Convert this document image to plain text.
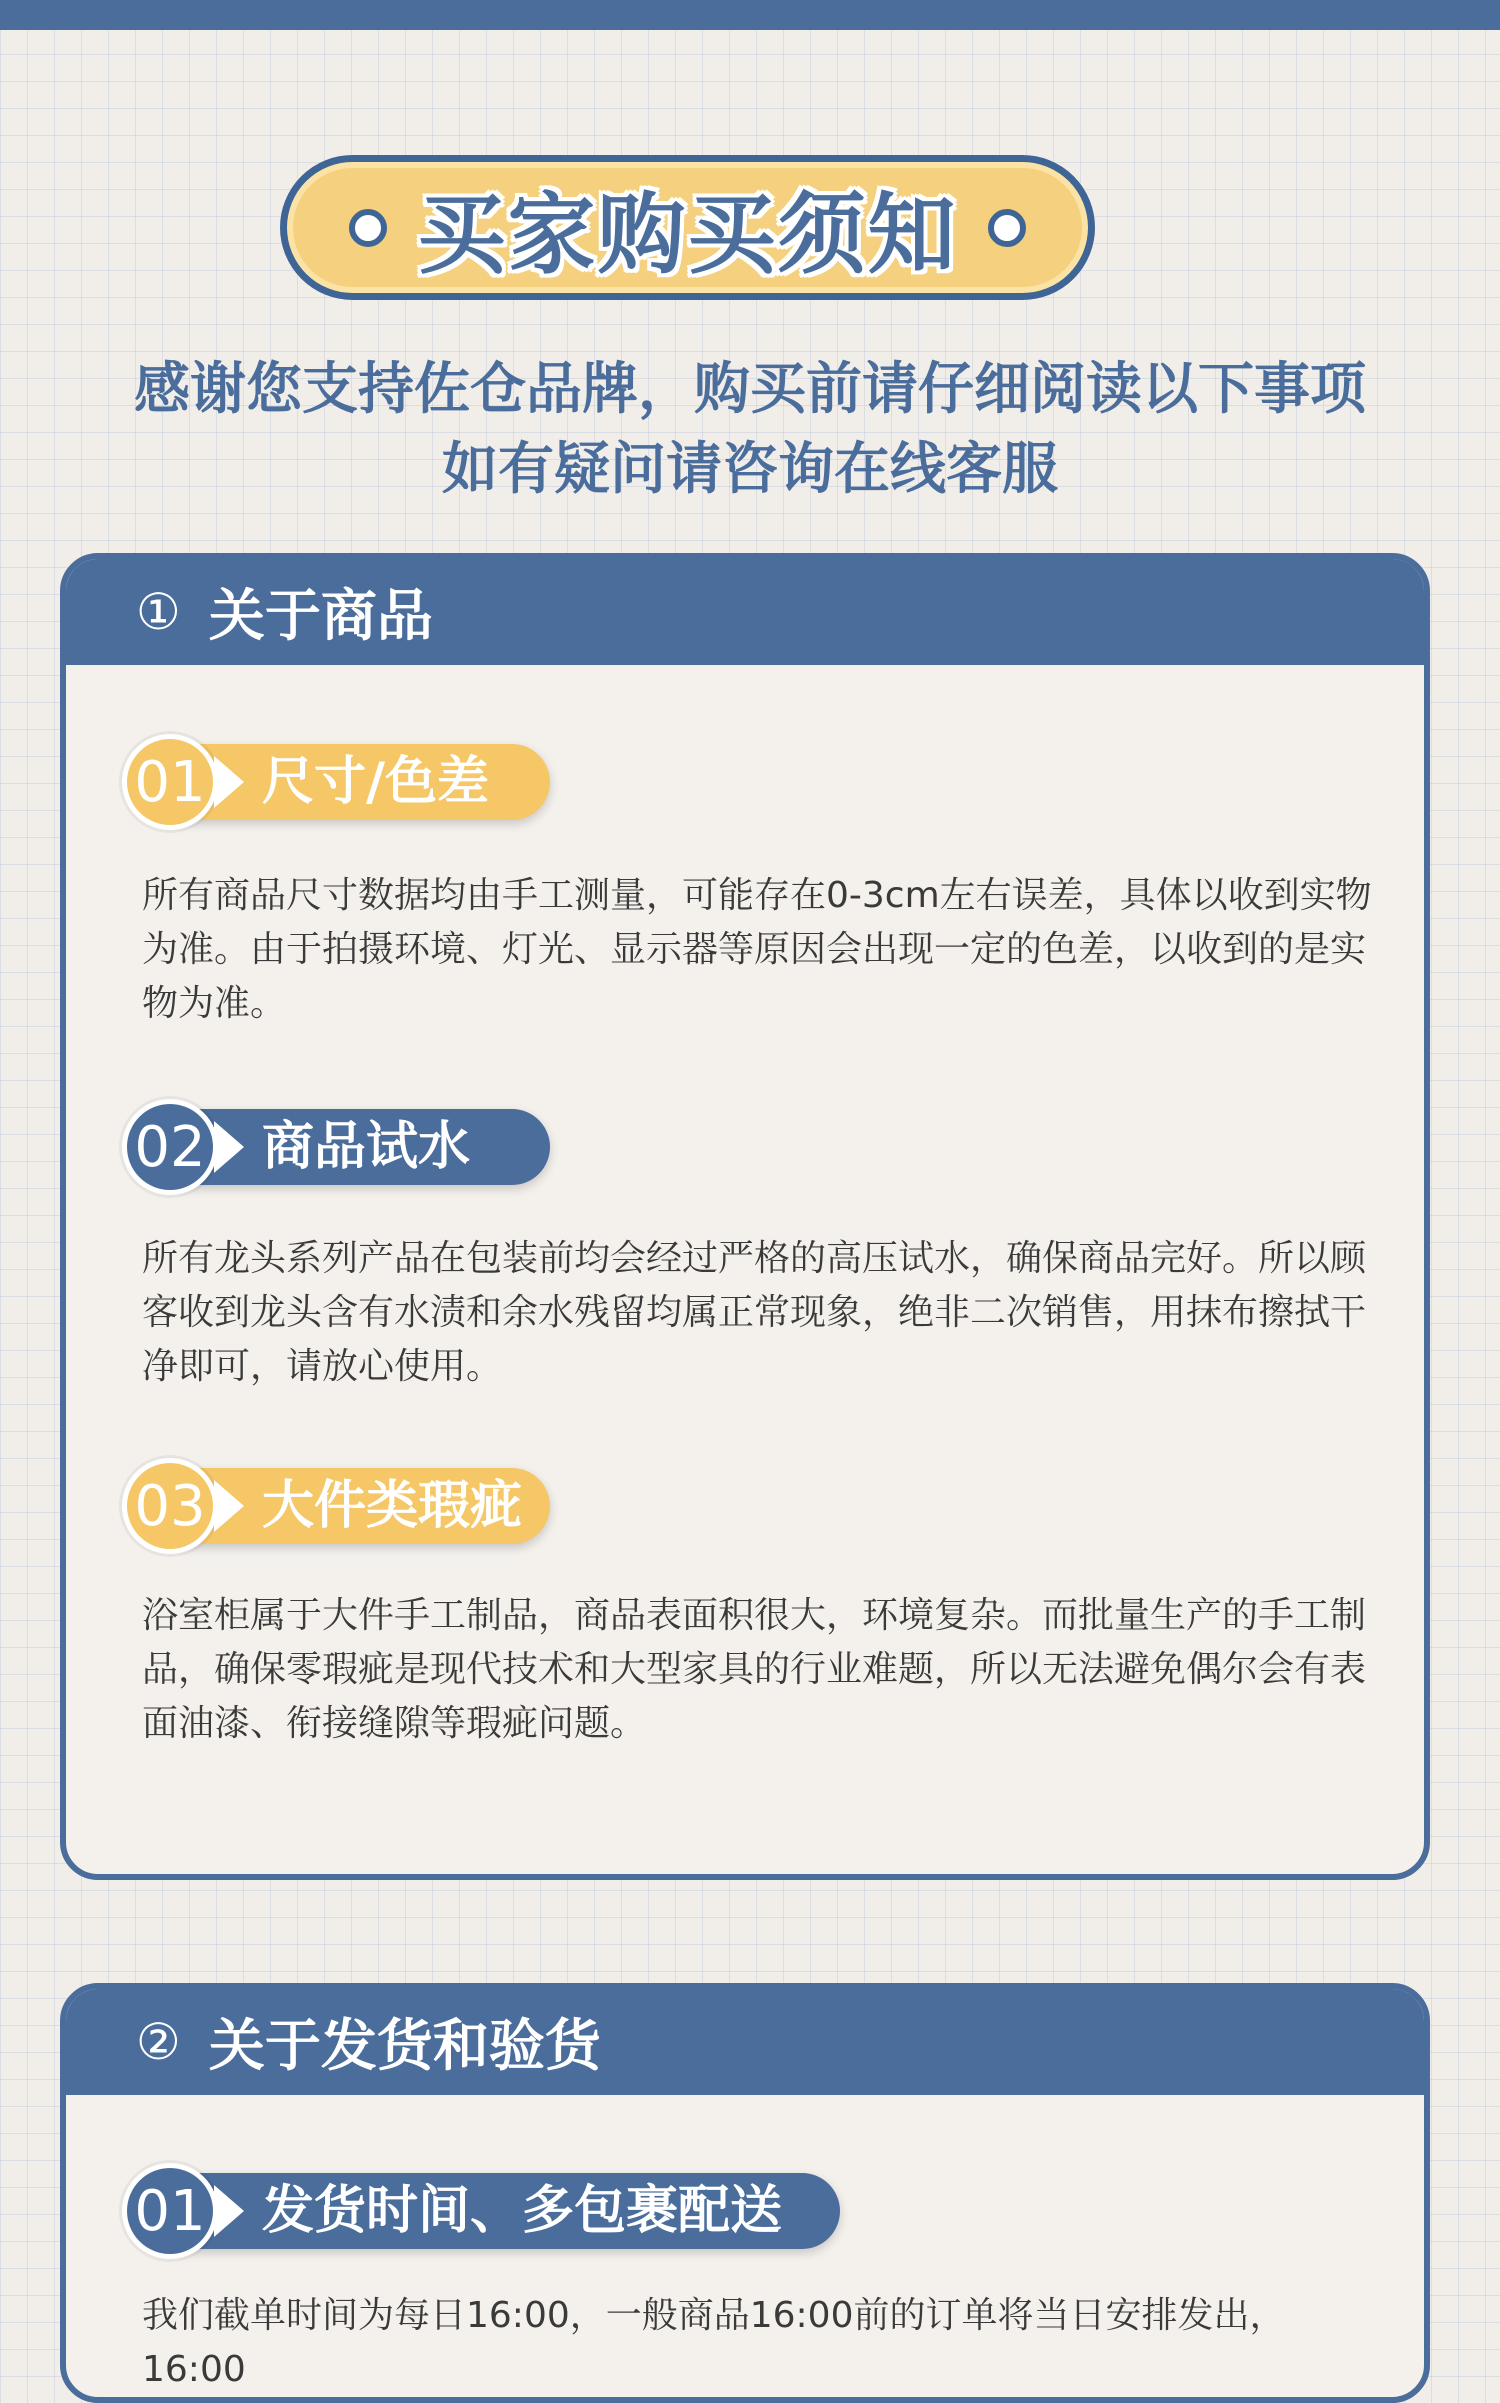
买家购买须知
感谢您支持佐仓品牌，购买前请仔细阅读以下事项
如有疑问请咨询在线客服
① 关于商品
01 尺寸/色差
所有商品尺寸数据均由手工测量，可能存在0-3cm左右误差，具体以收到实物为准。由于拍摄环境、灯光、显示器等原因会出现一定的色差，以收到的是实物为准。
02 商品试水
所有龙头系列产品在包装前均会经过严格的高压试水，确保商品完好。所以顾客收到龙头含有水渍和余水残留均属正常现象，绝非二次销售，用抹布擦拭干净即可，请放心使用。
03 大件类瑕疵
浴室柜属于大件手工制品，商品表面积很大，环境复杂。而批量生产的手工制品，确保零瑕疵是现代技术和大型家具的行业难题，所以无法避免偶尔会有表面油漆、衔接缝隙等瑕疵问题。
② 关于发货和验货
01 发货时间、多包裹配送
我们截单时间为每日16:00，一般商品16:00前的订单将当日安排发出，16:00
